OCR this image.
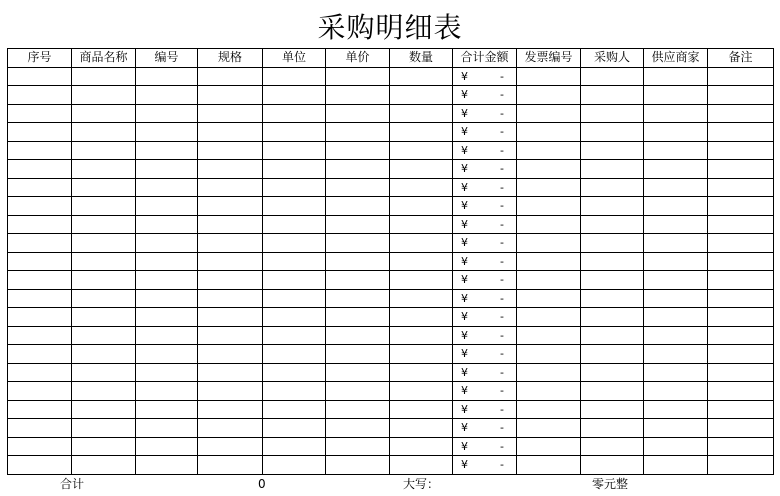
采购明细表
序号	商品名称	编号	规格	单位	单价	数量	合计金额	发票编号	采购人	供应商家	备注
							¥ -				

							¥ -				

							¥ -				

							¥ -				

							¥ -				

							¥ -				

							¥ -				

							¥ -				

							¥ -				

							¥ -				

							¥ -				

							¥ -				

							¥ -				

							¥ -				

							¥ -				

							¥ -				

							¥ -				

							¥ -				

							¥ -				

							¥ -				

							¥ -				

							¥ -				

合计	0	大写：	零元整
